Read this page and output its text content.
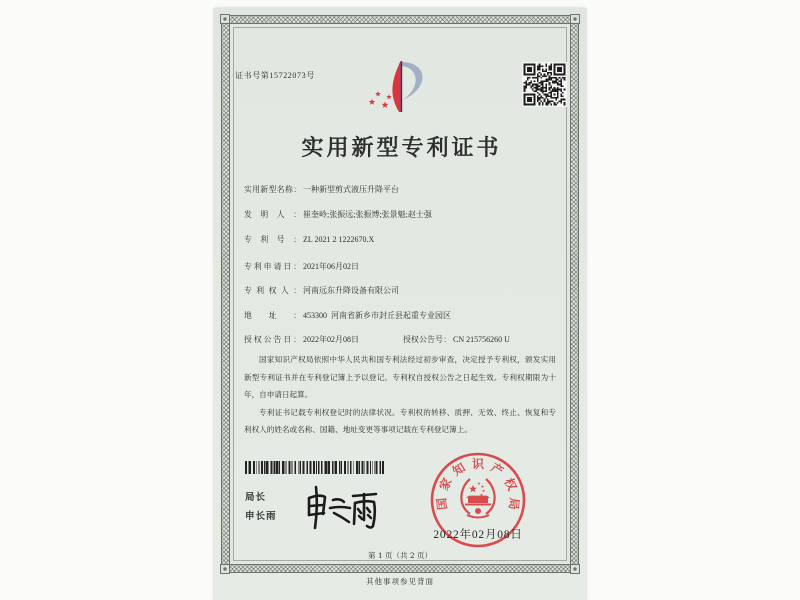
证书号第15722073号
实用新型专利证书
实用新型名称： 一种新型剪式液压升降平台
发明人： 崔奎岭;张振远;张振博;张景魁;赵士强
专利号： ZL 2021 2 1222670.X
专利申请日： 2021年06月02日
专利权人： 河南远东升降设备有限公司
地址： 453300  河南省新乡市封丘县起重专业园区
授权公告日： 2022年02月08日	授权公告号： CN 215756260 U
国家知识产权局依照中华人民共和国专利法经过初步审查，决定授予专利权，颁发实用
新型专利证书并在专利登记簿上予以登记。专利权自授权公告之日起生效。专利权期限为十
年，自申请日起算。
专利证书记载专利权登记时的法律状况。专利权的转移、质押、无效、终止、恢复和专
利权人的姓名或名称、国籍、地址变更等事项记载在专利登记簿上。
局长
申长雨
国
家
知 识 产
权
局
2022年02月08日
第 1 页（共 2 页）
其他事项参见背面
